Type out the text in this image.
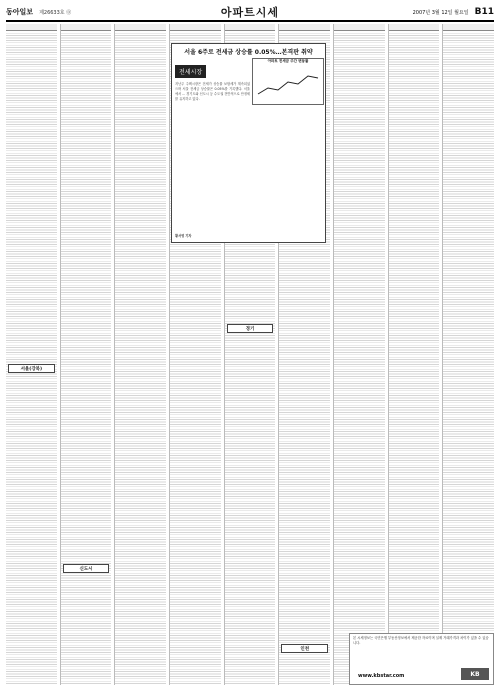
동아일보 제26633호 ⓪	아파트시세	2007년 3월 12일 월요일 B11
서울(강북)
신도시
경기
인천
서울 6주로 전세금 상승률 0.05%…본격판 취약
전세시장
아파트 전세금 주간 변동률
지난주 주택시장은 전세가 상승률 보합세가 계속되었으며 서울 전세금 상승률은 0.05%를 기록했다. 서울에서 ... 경기도와 신도시 등 수도권 전반적으로 안정세를 유지하고 있다.
황서영 기자
본 시세정보는 국민은행 부동산정보에서 제공한 자료이며 실제 거래가격과 차이가 있을 수 있습니다.
www.kbstar.com	KB
